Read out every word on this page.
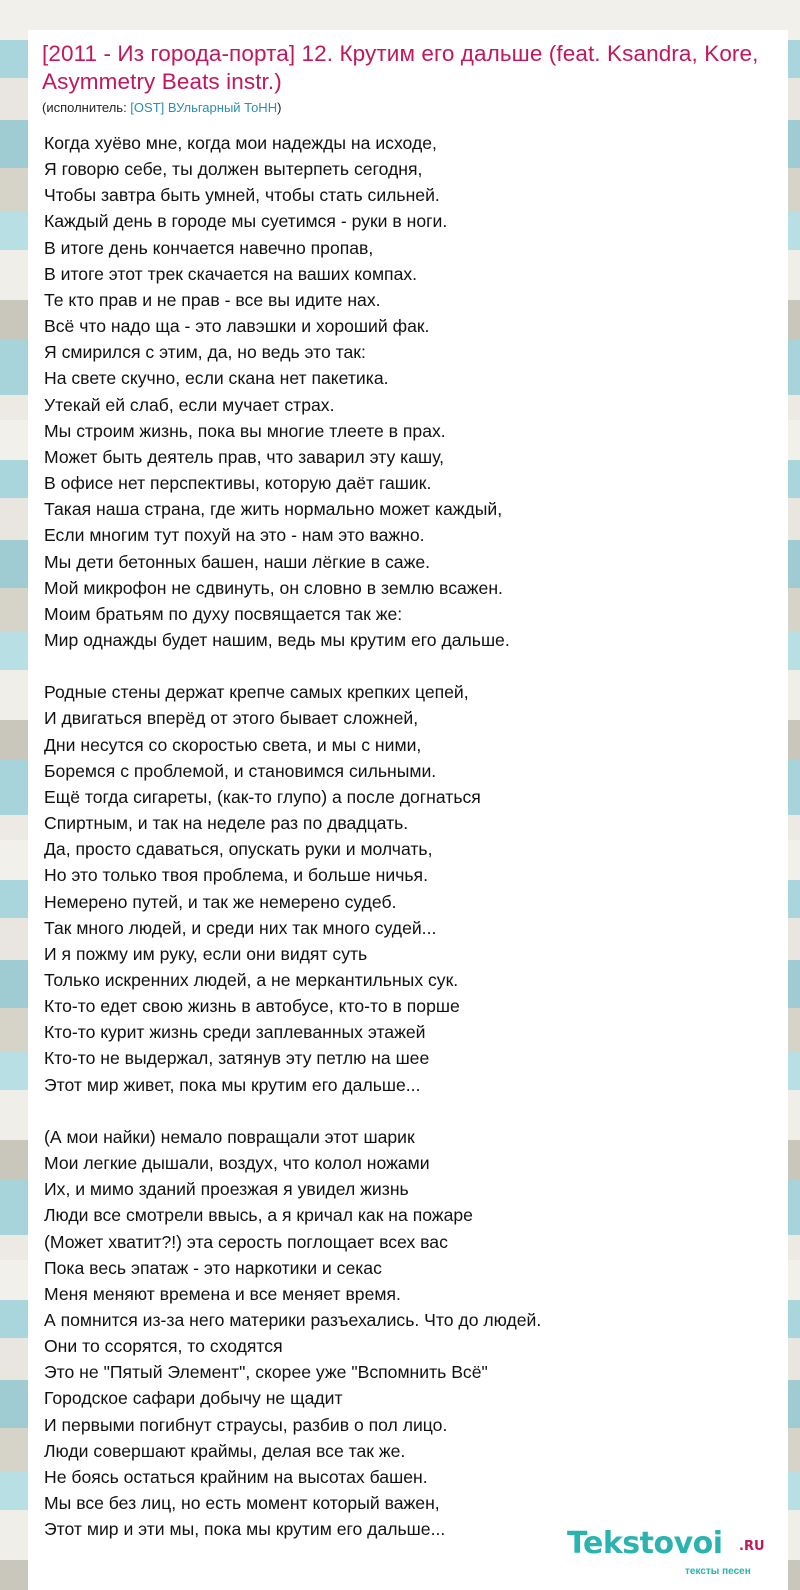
[2011 - Из города-порта] 12. Крутим его дальше (feat. Ksandra, Kore, Asymmetry Beats instr.)
(исполнитель: [OST] ВУльгарный ТоНН)
Когда хуёво мне, когда мои надежды на исходе,
Я говорю себе, ты должен вытерпеть сегодня,
Чтобы завтра быть умней, чтобы стать сильней.
Каждый день в городе мы суетимся - руки в ноги.
В итоге день кончается навечно пропав,
В итоге этот трек скачается на ваших компах.
Те кто прав и не прав - все вы идите нах.
Всё что надо ща - это лавэшки и хороший фак.
Я смирился с этим, да, но ведь это так:
На свете скучно, если скана нет пакетика.
Утекай ей слаб, если мучает страх.
Мы строим жизнь, пока вы многие тлеете в прах.
Может быть деятель прав, что заварил эту кашу,
В офисе нет перспективы, которую даёт гашик.
Такая наша страна, где жить нормально может каждый,
Если многим тут похуй на это - нам это важно.
Мы дети бетонных башен, наши лёгкие в саже.
Мой микрофон не сдвинуть, он словно в землю всажен.
Моим братьям по духу посвящается так же:
Мир однажды будет нашим, ведь мы крутим его дальше.
Родные стены держат крепче самых крепких цепей,
И двигаться вперёд от этого бывает сложней,
Дни несутся со скоростью света, и мы с ними,
Боремся с проблемой, и становимся сильными.
Ещё тогда сигареты, (как-то глупо) а после догнаться
Спиртным, и так на неделе раз по двадцать.
Да, просто сдаваться, опускать руки и молчать,
Но это только твоя проблема, и больше ничья.
Немерено путей, и так же немерено судеб.
Так много людей, и среди них так много судей...
И я пожму им руку, если они видят суть
Только искренних людей, а не меркантильных сук.
Кто-то едет свою жизнь в автобусе, кто-то в порше
Кто-то курит жизнь среди заплеванных этажей
Кто-то не выдержал, затянув эту петлю на шее
Этот мир живет, пока мы крутим его дальше...
(А мои найки) немало повращали этот шарик
Мои легкие дышали, воздух, что колол ножами
Их, и мимо зданий проезжая я увидел жизнь
Люди все смотрели ввысь, а я кричал как на пожаре
(Может хватит?!) эта серость поглощает всех вас
Пока весь эпатаж - это наркотики и секас
Меня меняют времена и все меняет время.
А помнится из-за него материки разъехались. Что до людей.
Они то ссорятся, то сходятся
Это не "Пятый Элемент", скорее уже "Вспомнить Всё"
Городское сафари добычу не щадит
И первыми погибнут страусы, разбив о пол лицо.
Люди совершают краймы, делая все так же.
Не боясь остаться крайним на высотах башен.
Мы все без лиц, но есть момент который важен,
Этот мир и эти мы, пока мы крутим его дальше...	Tekstovoi .RU
тексты песен
